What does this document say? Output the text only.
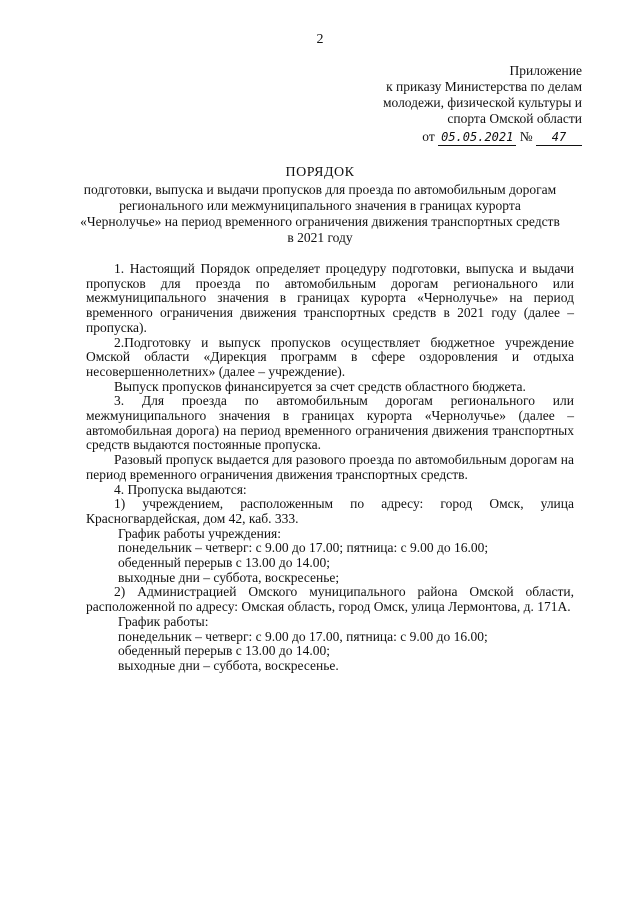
2
Приложение
к приказу Министерства по делам
молодежи, физической культуры и
спорта Омской области
от 05.05.2021 № 47
ПОРЯДОК
подготовки, выпуска и выдачи пропусков для проезда по автомобильным дорогам регионального или межмуниципального значения в границах курорта «Чернолучье» на период временного ограничения движения транспортных средств в 2021 году

1. Настоящий Порядок определяет процедуру подготовки, выпуска и выдачи пропусков для проезда по автомобильным дорогам регионального или межмуниципального значения в границах курорта «Чернолучье» на период временного ограничения движения транспортных средств в 2021 году (далее – пропуска).

2.Подготовку и выпуск пропусков осуществляет бюджетное учреждение Омской области «Дирекция программ в сфере оздоровления и отдыха несовершеннолетних» (далее – учреждение).

Выпуск пропусков финансируется за счет средств областного бюджета.

3. Для проезда по автомобильным дорогам регионального или межмуниципального значения в границах курорта «Чернолучье» (далее – автомобильная дорога) на период временного ограничения движения транспортных средств выдаются постоянные пропуска.

Разовый пропуск выдается для разового проезда по автомобильным дорогам на период временного ограничения движения транспортных средств.

4. Пропуска выдаются:

1) учреждением, расположенным по адресу: город Омск, улица Красногвардейская, дом 42, каб. 333.

График работы учреждения:

понедельник – четверг: с 9.00 до 17.00; пятница: с 9.00 до 16.00;

обеденный перерыв с 13.00 до 14.00;

выходные дни – суббота, воскресенье;

2) Администрацией Омского муниципального района Омской области, расположенной по адресу: Омская область, город Омск, улица Лермонтова, д. 171А.

График работы:

понедельник – четверг: с 9.00 до 17.00, пятница: с 9.00 до 16.00;

обеденный перерыв с 13.00 до 14.00;

выходные дни – суббота, воскресенье.
